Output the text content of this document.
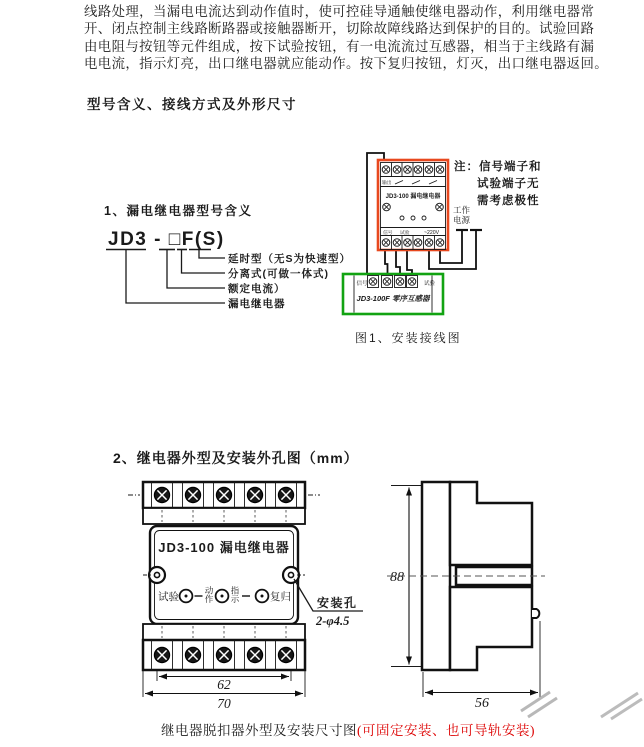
线路处理，当漏电电流达到动作值时，使可控硅导通触使继电器动作，利用继电器常
开、闭点控制主线路断路器或接触器断开，切除故障线路达到保护的目的。试验回路
由电阻与按钮等元件组成，按下试验按钮，有一电流流过互感器，相当于主线路有漏
电电流，指示灯亮，出口继电器就应能动作。按下复归按钮，灯灭，出口继电器返回。
型号含义、接线方式及外形尺寸
1、漏电继电器型号含义
JD3 - □F(S)
延时型（无S为快速型）
分离式(可做一体式)
额定电流）
漏电继电器
输出
JD3-100 漏电继电器
信号 试验	~220V
注：信号端子和
试验端子无
需考虑极性
工作
电源
信号	试验
JD3-100F 零序互感器
图1、安装接线图
2、继电器外型及安装外孔图（mm）
JD3-100 漏电继电器
试验
动
作
指
示	复归 安装孔
2-φ4.5
62
70
88
56
继电器脱扣器外型及安装尺寸图(可固定安装、也可导轨安装)
